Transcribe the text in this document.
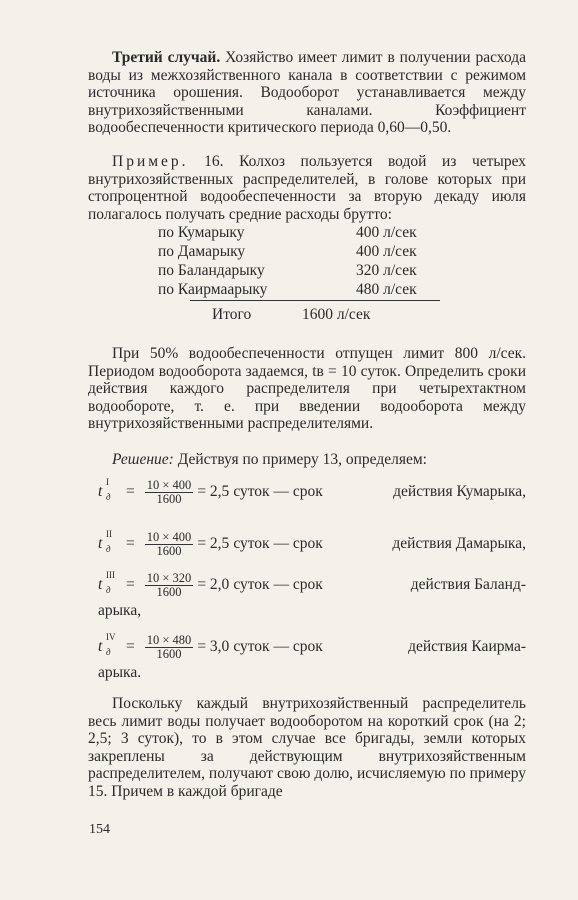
Третий случай. Хозяйство имеет лимит в получении расхода воды из межхозяйственного канала в соответствии с режимом источника орошения. Водооборот устанавливается между внутрихозяйственными каналами. Коэффициент водообеспеченности критического периода 0,60—0,50.

Пример. 16. Колхоз пользуется водой из четырех внутрихозяйственных распределителей, в голове которых при стопроцентной водообеспеченности за вторую декаду июля полагалось получать средние расходы брутто:

по Кумарыку	400 л/сек
по Дамарыку	400 л/сек
по Баландарыку	320 л/сек
по Каирмаарыку	480 л/сек
Итого	1600 л/сек

При 50% водообеспеченности отпущен лимит 800 л/сек. Периодом водооборота задаемся, tв = 10 суток. Определить сроки действия каждого распределителя при четырехтактном водообороте, т. е. при введении водооборота между внутрихозяйственными распределителями.

Решение: Действуя по примеру 13, определяем:

t
I
$д = \frac{10 \times 400}{1600} = 2,5$ суток — срок	действия Кумарыка,
t
II
$д = \frac{10 \times 400}{1600} = 2,5$ суток — срок	действия Дамарыка,
t
III
$д = \frac{10 \times 320}{1600} = 2,0$ суток — срок	действия Баланд-
арыка,
t
IV
$д = \frac{10 \times 480}{1600} = 3,0$ суток — срок	действия Каирма-
арыка.

Поскольку каждый внутрихозяйственный распределитель весь лимит воды получает водооборотом на короткий срок (на 2; 2,5; 3 суток), то в этом случае все бригады, земли которых закреплены за действующим внутрихозяйственным распределителем, получают свою долю, исчисляемую по примеру 15. Причем в каждой бригаде

154
